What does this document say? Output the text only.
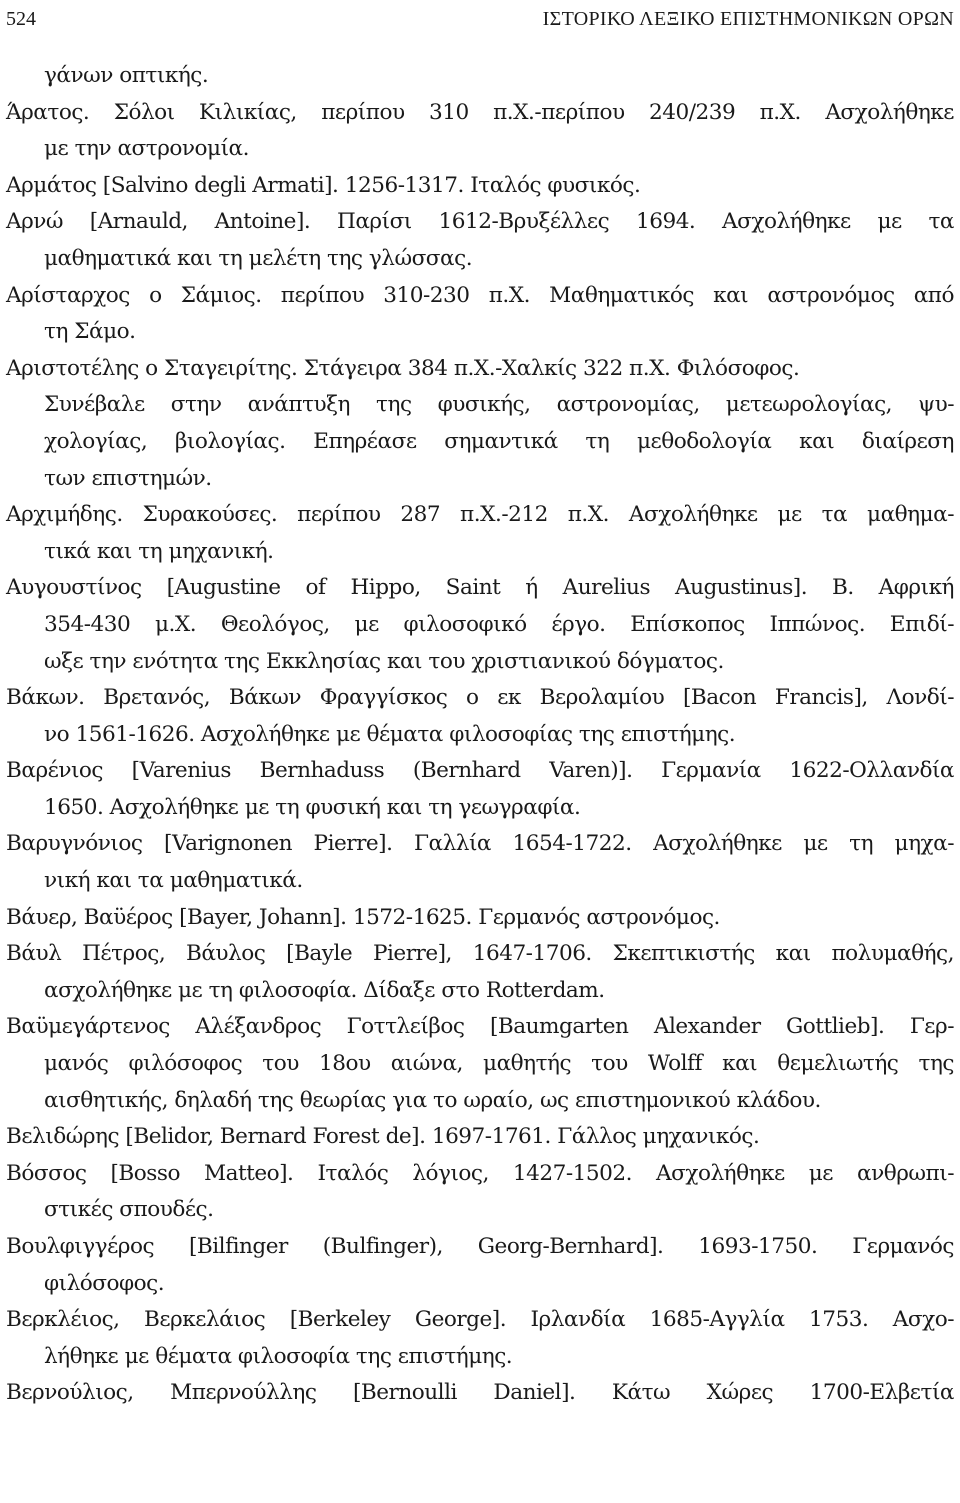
524	ΙΣΤΟΡΙΚΟ ΛΕΞΙΚΟ ΕΠΙΣΤΗΜΟΝΙΚΩΝ ΟΡΩΝ
γάνων οπτικής.
Άρατος. Σόλοι Κιλικίας, περίπου 310 π.Χ.-περίπου 240/239 π.Χ. Ασχολήθηκε
με την αστρονομία.
Αρμάτος [Salvino degli Armati]. 1256-1317. Ιταλός φυσικός.
Αρνώ [Arnauld, Antoine]. Παρίσι 1612-Βρυξέλλες 1694. Ασχολήθηκε με τα
μαθηματικά και τη μελέτη της γλώσσας.
Αρίσταρχος ο Σάμιος. περίπου 310-230 π.Χ. Μαθηματικός και αστρονόμος από
τη Σάμο.
Αριστοτέλης ο Σταγειρίτης. Στάγειρα 384 π.Χ.-Χαλκίς 322 π.Χ. Φιλόσοφος.
Συνέβαλε στην ανάπτυξη της φυσικής, αστρονομίας, μετεωρολογίας, ψυ-
χολογίας, βιολογίας. Επηρέασε σημαντικά τη μεθοδολογία και διαίρεση
των επιστημών.
Αρχιμήδης. Συρακούσες. περίπου 287 π.Χ.-212 π.Χ. Ασχολήθηκε με τα μαθημα-
τικά και τη μηχανική.
Αυγουστίνος [Augustine of Hippo, Saint ή Aurelius Augustinus]. Β. Αφρική
354-430 μ.Χ. Θεολόγος, με φιλοσοφικό έργο. Επίσκοπος Ιππώνος. Επιδί-
ωξε την ενότητα της Εκκλησίας και του χριστιανικού δόγματος.
Βάκων. Βρετανός, Βάκων Φραγγίσκος ο εκ Βερολαμίου [Bacon Francis], Λονδί-
νο 1561-1626. Ασχολήθηκε με θέματα φιλοσοφίας της επιστήμης.
Βαρένιος [Varenius Bernhaduss (Bernhard Varen)]. Γερμανία 1622-Ολλανδία
1650. Ασχολήθηκε με τη φυσική και τη γεωγραφία.
Βαρυγνόνιος [Varignonen Pierre]. Γαλλία 1654-1722. Ασχολήθηκε με τη μηχα-
νική και τα μαθηματικά.
Βάυερ, Βαϋέρος [Bayer, Johann]. 1572-1625. Γερμανός αστρονόμος.
Βάυλ Πέτρος, Βάυλος [Bayle Pierre], 1647-1706. Σκεπτικιστής και πολυμαθής,
ασχολήθηκε με τη φιλοσοφία. Δίδαξε στο Rotterdam.
Βαϋμεγάρτενος Αλέξανδρος Γοττλείβος [Baumgarten Alexander Gottlieb]. Γερ-
μανός φιλόσοφος του 18ου αιώνα, μαθητής του Wolff και θεμελιωτής της
αισθητικής, δηλαδή της θεωρίας για το ωραίο, ως επιστημονικού κλάδου.
Βελιδώρης [Belidor, Bernard Forest de]. 1697-1761. Γάλλος μηχανικός.
Βόσσος [Bosso Matteo]. Ιταλός λόγιος, 1427-1502. Ασχολήθηκε με ανθρωπι-
στικές σπουδές.
Βουλφιγγέρος [Bilfinger (Bulfinger), Georg-Bernhard]. 1693-1750. Γερμανός
φιλόσοφος.
Βερκλέιος, Βερκελάιος [Berkeley George]. Ιρλανδία 1685-Αγγλία 1753. Ασχο-
λήθηκε με θέματα φιλοσοφία της επιστήμης.
Βερνούλιος, Μπερνούλλης [Bernoulli Daniel]. Κάτω Χώρες 1700-Ελβετία
